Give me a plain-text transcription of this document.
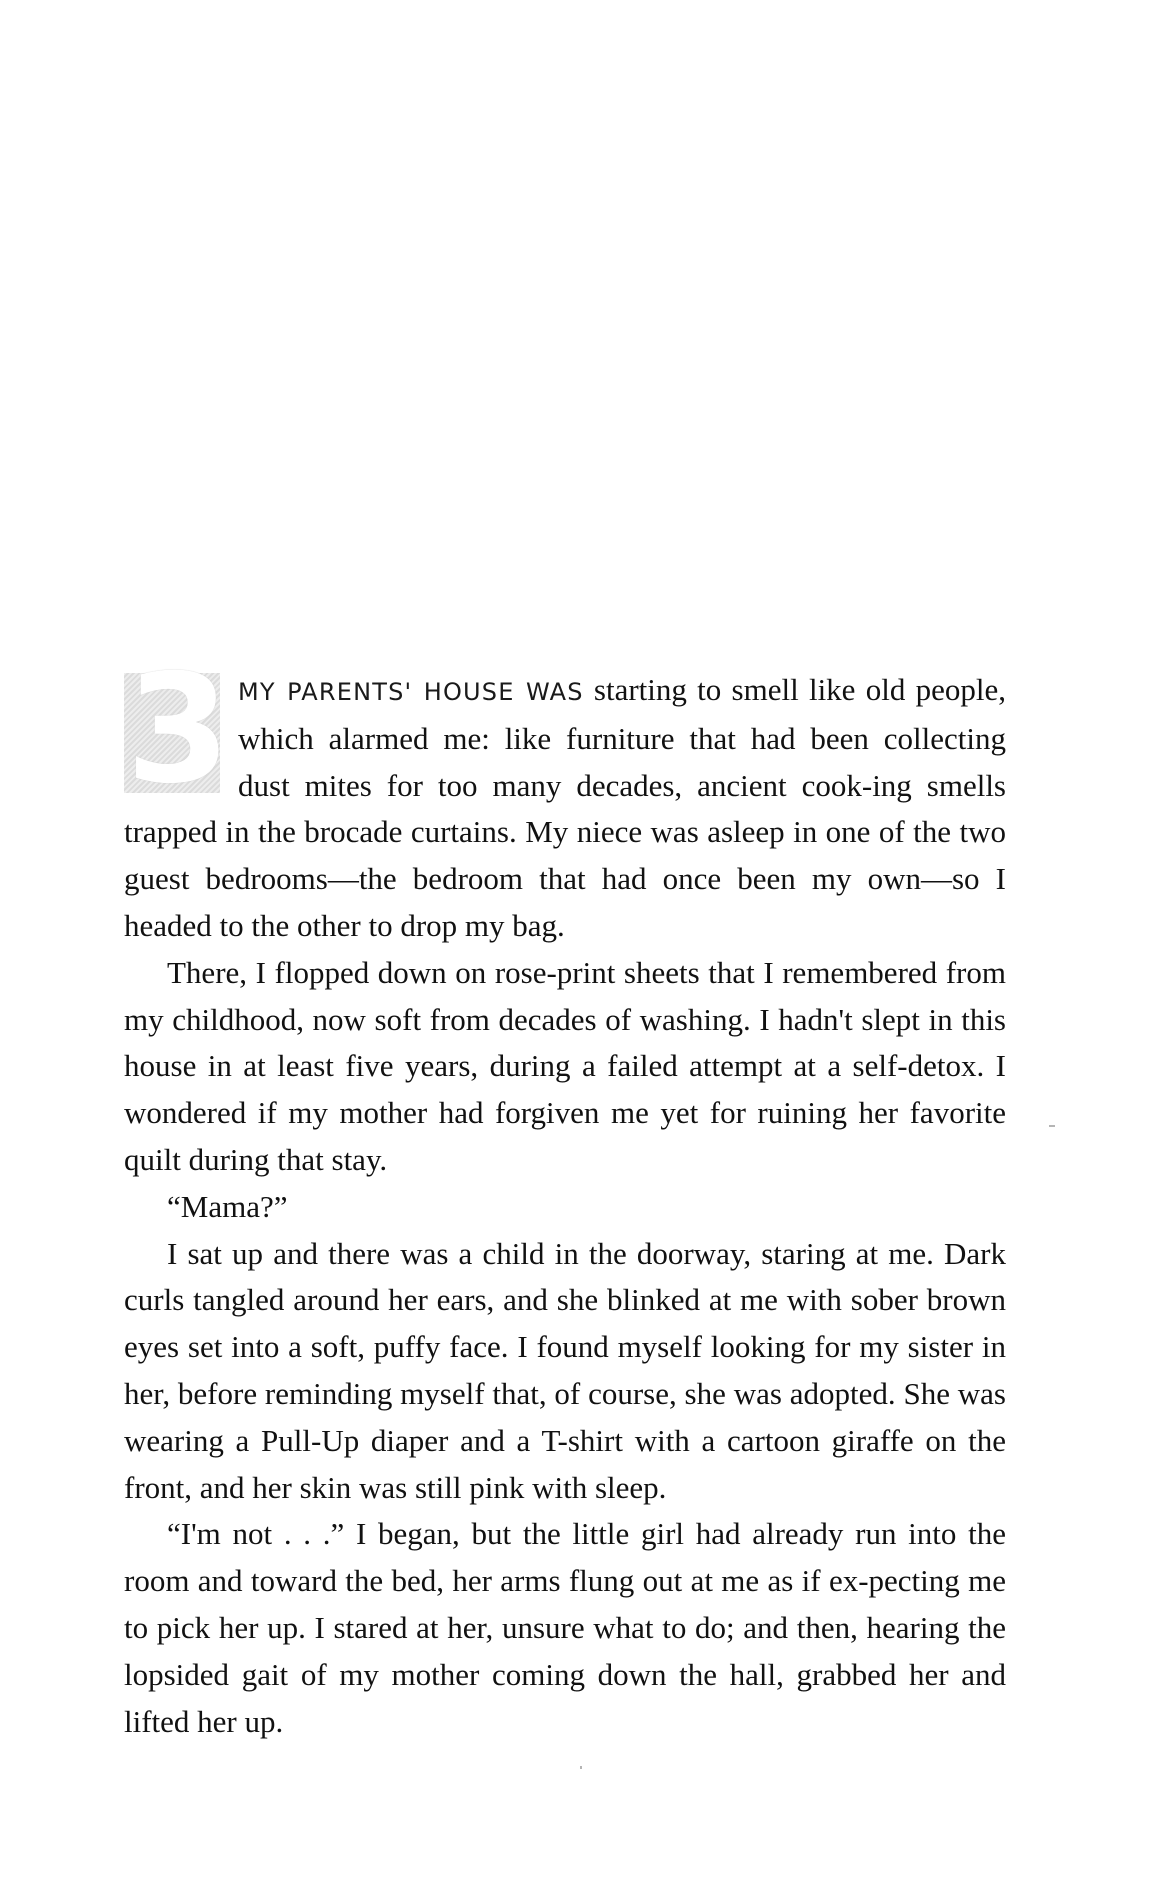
3 MY PARENTS' HOUSE WAS starting to smell like old people, which alarmed me: like furniture that had been collecting dust mites for too many decades, ancient cook-ing smells trapped in the brocade curtains. My niece was asleep in one of the two guest bedrooms—the bedroom that had once been my own—so I headed to the other to drop my bag.

There, I flopped down on rose-print sheets that I remembered from my childhood, now soft from decades of washing. I hadn't slept in this house in at least five years, during a failed attempt at a self-detox. I wondered if my mother had forgiven me yet for ruining her favorite quilt during that stay.

“Mama?”

I sat up and there was a child in the doorway, staring at me. Dark curls tangled around her ears, and she blinked at me with sober brown eyes set into a soft, puffy face. I found myself looking for my sister in her, before reminding myself that, of course, she was adopted. She was wearing a Pull-Up diaper and a T-shirt with a cartoon giraffe on the front, and her skin was still pink with sleep.

“I'm not . . .” I began, but the little girl had already run into the room and toward the bed, her arms flung out at me as if ex-pecting me to pick her up. I stared at her, unsure what to do; and then, hearing the lopsided gait of my mother coming down the hall, grabbed her and lifted her up.
